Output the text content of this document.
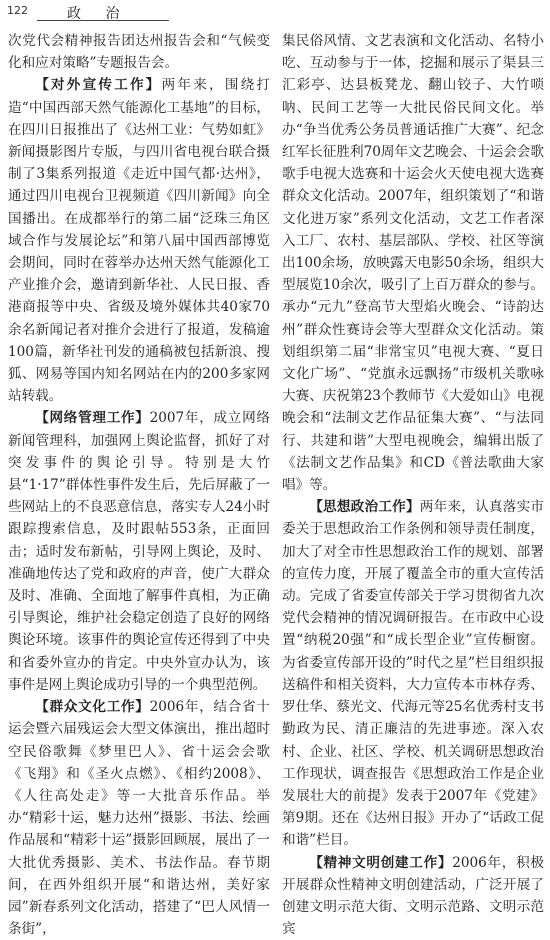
122	政 治

次党代会精神报告团达州报告会和“气候变化和应对策略”专题报告会。

【对外宣传工作】两年来，围绕打造“中国西部天然气能源化工基地”的目标，在四川日报推出了《达州工业：气势如虹》新闻摄影图片专版，与四川省电视台联合摄制了3集系列报道《走近中国气都·达州》，通过四川电视台卫视频道《四川新闻》向全国播出。在成都举行的第二届“泛珠三角区域合作与发展论坛”和第八届中国西部博览会期间，同时在蓉举办达州天然气能源化工产业推介会，邀请到新华社、人民日报、香港商报等中央、省级及境外媒体共40家70余名新闻记者对推介会进行了报道，发稿逾100篇，新华社刊发的通稿被包括新浪、搜狐、网易等国内知名网站在内的200多家网站转载。

【网络管理工作】2007年，成立网络新闻管理科，加强网上舆论监督，抓好了对突发事件的舆论引导。特别是大竹县“1·17”群体性事件发生后，先后屏蔽了一些网站上的不良恶意信息，落实专人24小时跟踪搜索信息，及时跟帖553条，正面回击；适时发布新帖，引导网上舆论，及时、准确地传达了党和政府的声音，使广大群众及时、准确、全面地了解事件真相，为正确引导舆论，维护社会稳定创造了良好的网络舆论环境。该事件的舆论宣传还得到了中央和省委外宣办的肯定。中央外宣办认为，该事件是网上舆论成功引导的一个典型范例。

【群众文化工作】2006年，结合省十运会暨六届残运会大型文体演出，推出超时空民俗歌舞《梦里巴人》、省十运会会歌《飞翔》和《圣火点燃》、《相约2008》、《人往高处走》等一大批音乐作品。举办“精彩十运，魅力达州”摄影、书法、绘画作品展和“精彩十运”摄影回顾展，展出了一大批优秀摄影、美术、书法作品。春节期间，在西外组织开展“和谐达州，美好家园”新春系列文化活动，搭建了“巴人风情一条街”，

集民俗风情、文艺表演和文化活动、名特小吃、互动参与于一体，挖掘和展示了渠县三汇彩亭、达县板凳龙、翻山铰子、大竹唢呐、民间工艺等一大批民俗民间文化。举办“争当优秀公务员普通话推广大赛”、纪念红军长征胜利70周年文艺晚会、十运会会歌歌手电视大选赛和十运会火天使电视大选赛群众文化活动。2007年，组织策划了“和谐文化进万家”系列文化活动，文艺工作者深入工厂、农村、基层部队、学校、社区等演出100余场，放映露天电影50余场，组织大型展览10余次，吸引了上百万群众的参与。承办“元九”登高节大型焰火晚会、“诗韵达州”群众性赛诗会等大型群众文化活动。策划组织第二届“非常宝贝”电视大赛、“夏日文化广场”、“党旗永远飘扬”市级机关歌咏大赛、庆祝第23个教师节《大爱如山》电视晚会和“法制文艺作品征集大赛”、“与法同行、共建和谐”大型电视晚会，编辑出版了《法制文艺作品集》和CD《普法歌曲大家唱》等。

【思想政治工作】两年来，认真落实市委关于思想政治工作条例和领导责任制度，加大了对全市性思想政治工作的规划、部署的宣传力度，开展了覆盖全市的重大宣传活动。完成了省委宣传部关于学习贯彻省九次党代会精神的情况调研报告。在市政中心设置“纳税20强”和“成长型企业”宣传橱窗。为省委宣传部开设的”时代之星”栏目组织报送稿件和相关资料，大力宣传本市林存秀、罗仕华、蔡光文、代海元等25名优秀村支书勤政为民、清正廉洁的先进事迹。深入农村、企业、社区、学校、机关调研思想政治工作现状，调查报告《思想政治工作是企业发展壮大的前提》发表于2007年《党建》第9期。还在《达州日报》开办了“话政工促和谐”栏目。

【精神文明创建工作】2006年，积极开展群众性精神文明创建活动，广泛开展了创建文明示范大街、文明示范路、文明示范宾
